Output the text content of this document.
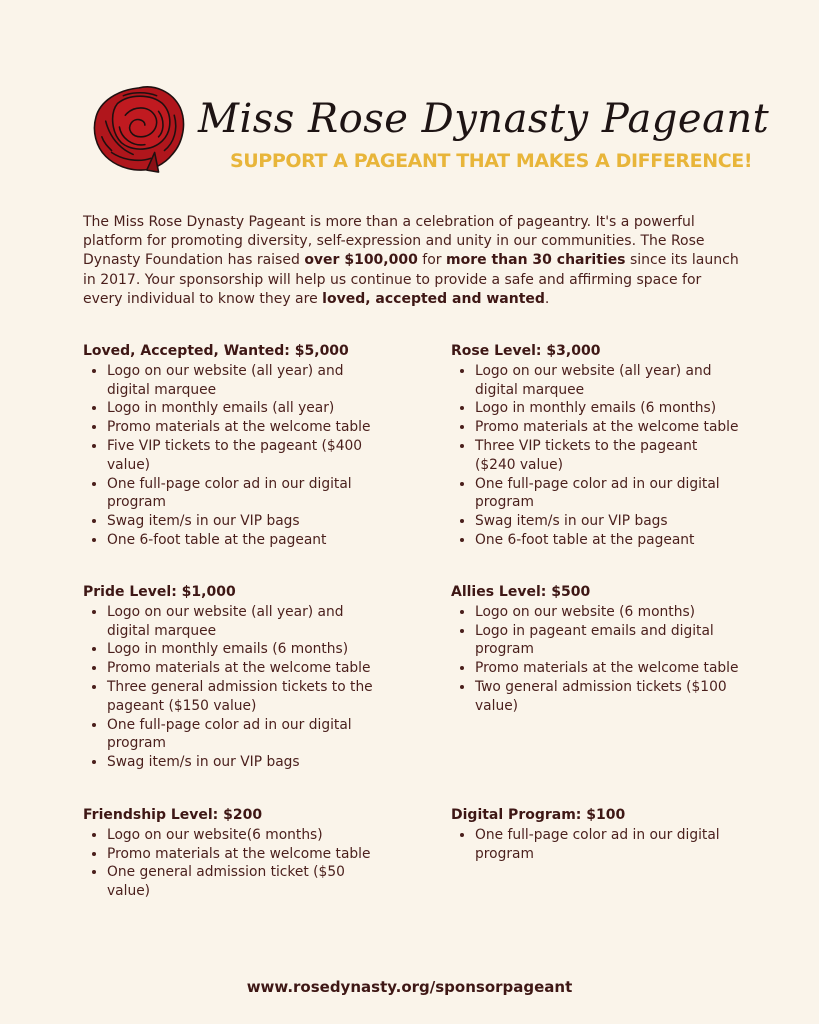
Miss Rose Dynasty Pageant
SUPPORT A PAGEANT THAT MAKES A DIFFERENCE!
The Miss Rose Dynasty Pageant is more than a celebration of pageantry. It's a powerful platform for promoting diversity, self-expression and unity in our communities. The Rose Dynasty Foundation has raised over $100,000 for more than 30 charities since its launch in 2017. Your sponsorship will help us continue to provide a safe and affirming space for every individual to know they are loved, accepted and wanted.
Loved, Accepted, Wanted: $5,000
• Logo on our website (all year) and digital marquee
• Logo in monthly emails (all year)
• Promo materials at the welcome table
• Five VIP tickets to the pageant ($400 value)
• One full-page color ad in our digital program
• Swag item/s in our VIP bags
• One 6-foot table at the pageant
Rose Level: $3,000
• Logo on our website (all year) and digital marquee
• Logo in monthly emails (6 months)
• Promo materials at the welcome table
• Three VIP tickets to the pageant ($240 value)
• One full-page color ad in our digital program
• Swag item/s in our VIP bags
• One 6-foot table at the pageant
Pride Level: $1,000
• Logo on our website (all year) and digital marquee
• Logo in monthly emails (6 months)
• Promo materials at the welcome table
• Three general admission tickets to the pageant ($150 value)
• One full-page color ad in our digital program
• Swag item/s in our VIP bags
Allies Level: $500
• Logo on our website (6 months)
• Logo in pageant emails and digital program
• Promo materials at the welcome table
• Two general admission tickets ($100 value)
Friendship Level: $200
• Logo on our website(6 months)
• Promo materials at the welcome table
• One general admission ticket ($50 value)
Digital Program: $100
• One full-page color ad in our digital program
www.rosedynasty.org/sponsorpageant
